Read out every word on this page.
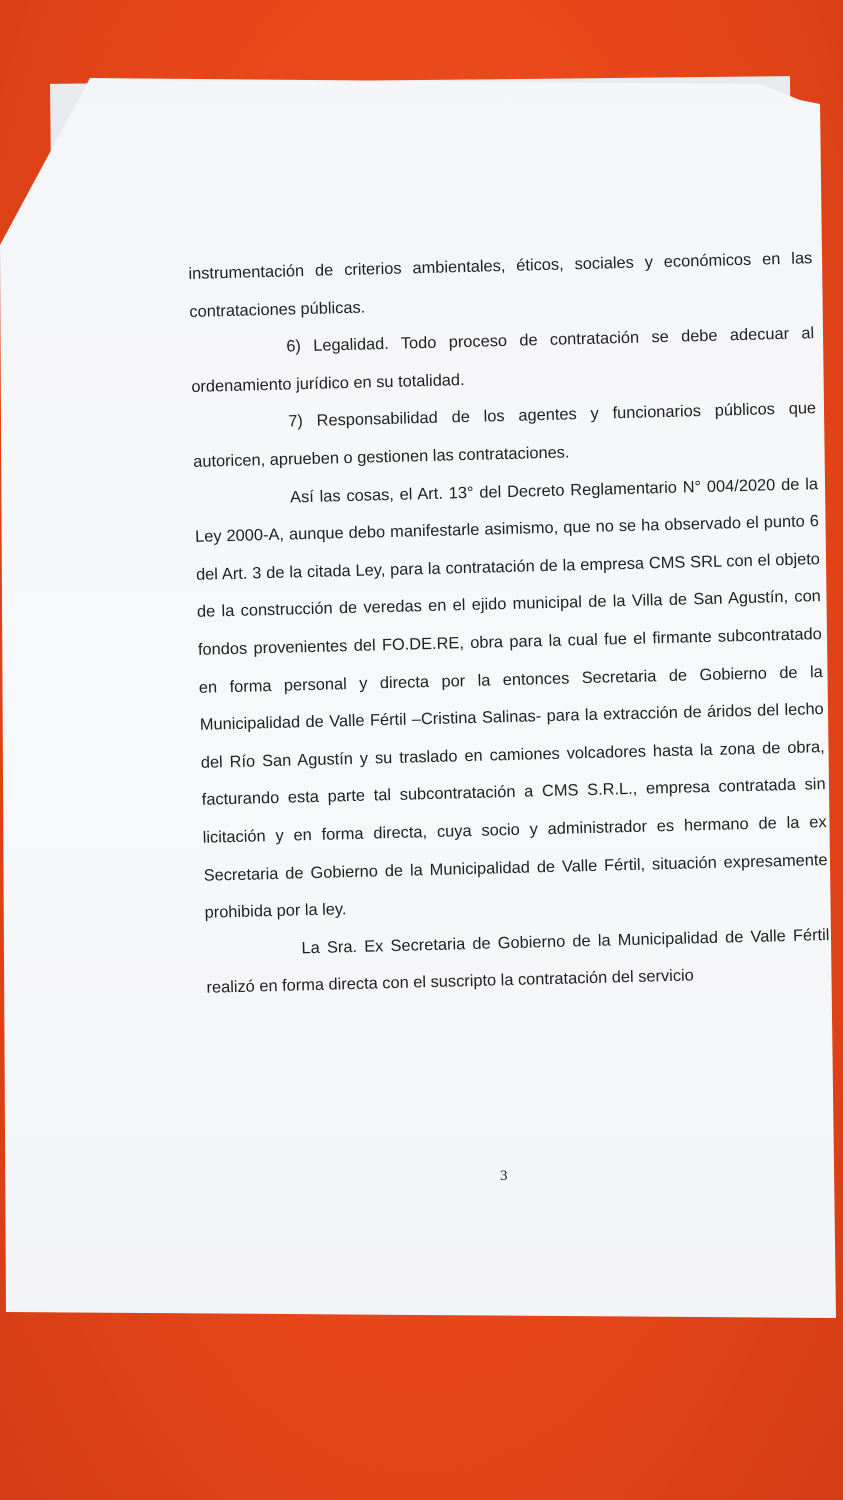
instrumentación de criterios ambientales, éticos, sociales y económicos en las contrataciones públicas.

6) Legalidad. Todo proceso de contratación se debe adecuar al ordenamiento jurídico en su totalidad.

7) Responsabilidad de los agentes y funcionarios públicos que autoricen, aprueben o gestionen las contrataciones.

Así las cosas, el Art. 13° del Decreto Reglamentario N° 004/2020 de la Ley 2000-A, aunque debo manifestarle asimismo, que no se ha observado el punto 6 del Art. 3 de la citada Ley, para la contratación de la empresa CMS SRL con el objeto de la construcción de veredas en el ejido municipal de la Villa de San Agustín, con fondos provenientes del FO.DE.RE, obra para la cual fue el firmante subcontratado en forma personal y directa por la entonces Secretaria de Gobierno de la Municipalidad de Valle Fértil –Cristina Salinas- para la extracción de áridos del lecho del Río San Agustín y su traslado en camiones volcadores hasta la zona de obra, facturando esta parte tal subcontratación a CMS S.R.L., empresa contratada sin licitación y en forma directa, cuya socio y administrador es hermano de la ex Secretaria de Gobierno de la Municipalidad de Valle Fértil, situación expresamente prohibida por la ley.

La Sra. Ex Secretaria de Gobierno de la Municipalidad de Valle Fértil realizó en forma directa con el suscripto la contratación del servicio

3
